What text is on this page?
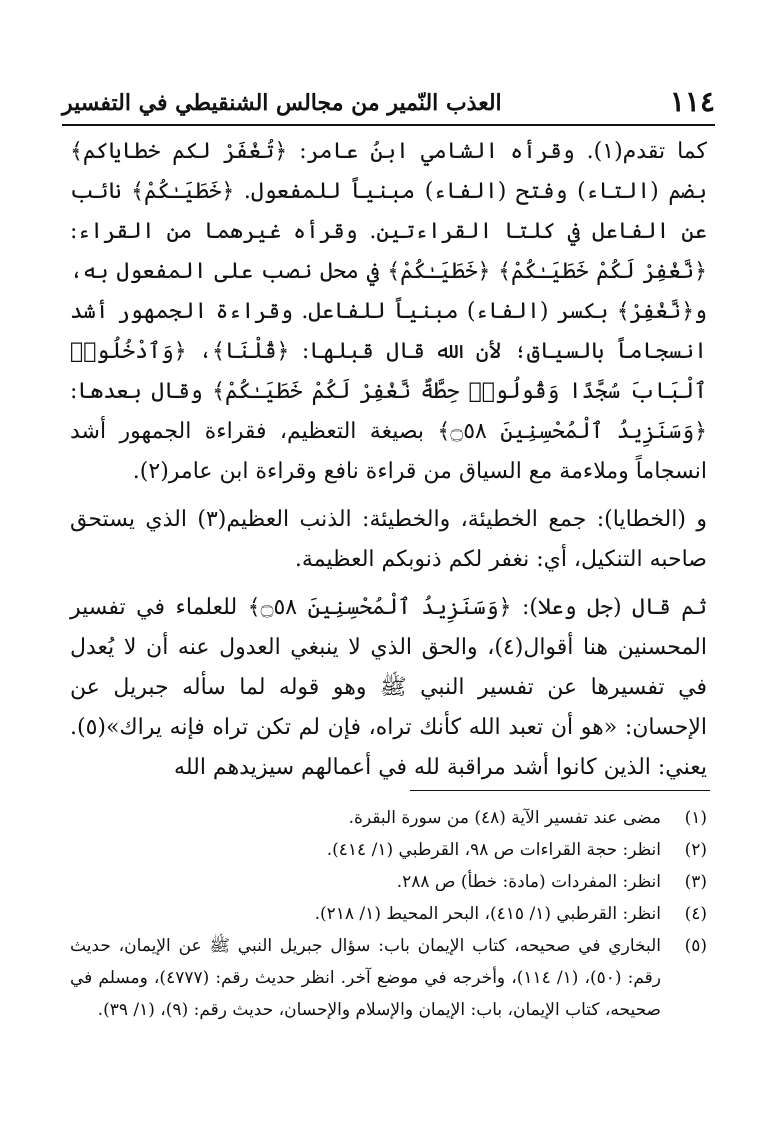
١١٤
العذب النّمير من مجالس الشنقيطي في التفسير

كما تقدم(١). وقرأه الشامي ابنُ عامر: ﴿تُغْفَرْ لكم خطاياكم﴾ بضم (التاء) وفتح (الفاء) مبنياً للمفعول. ﴿خَطَيَـٰكُمْ﴾ نائب عن الفاعل في كلتا القراءتين. وقرأه غيرهما من القراء: ﴿نَّغْفِرْ لَكُمْ خَطَيَـٰكُمْ﴾ ﴿خَطَيَـٰكُمْ﴾ في محل نصب على المفعول به، و﴿نَّغْفِرْ﴾ بكسر (الفاء) مبنياً للفاعل. وقراءة الجمهور أشد انسجاماً بالسياق؛ لأن الله قال قبلها: ﴿قُلْنَا﴾، ﴿وَٱدْخُلُوا۟ ٱلْبَابَ سُجَّدًا وَقُولُوا۟ حِطَّةٌ نَّغْفِرْ لَكُمْ خَطَيَـٰكُمْ﴾ وقال بعدها: ﴿وَسَنَزِيدُ ٱلْمُحْسِنِينَ ۝٥٨﴾ بصيغة التعظيم، فقراءة الجمهور أشد انسجاماً وملاءمة مع السياق من قراءة نافع وقراءة ابن عامر(٢).

و (الخطايا): جمع الخطيئة، والخطيئة: الذنب العظيم(٣) الذي يستحق صاحبه التنكيل، أي: نغفر لكم ذنوبكم العظيمة.

ثم قال (جل وعلا): ﴿وَسَنَزِيدُ ٱلْمُحْسِنِينَ ۝٥٨﴾ للعلماء في تفسير المحسنين هنا أقوال(٤)، والحق الذي لا ينبغي العدول عنه أن لا يُعدل في تفسيرها عن تفسير النبي ﷺ وهو قوله لما سأله جبريل عن الإحسان: «هو أن تعبد الله كأنك تراه، فإن لم تكن تراه فإنه يراك»(٥). يعني: الذين كانوا أشد مراقبة لله في أعمالهم سيزيدهم الله

(١)
مضى عند تفسير الآية (٤٨) من سورة البقرة.
(٢)
انظر: حجة القراءات ص ٩٨، القرطبي (١/ ٤١٤).
(٣)
انظر: المفردات (مادة: خطأ) ص ٢٨٨.
(٤)
انظر: القرطبي (١/ ٤١٥)، البحر المحيط (١/ ٢١٨).
(٥)
البخاري في صحيحه، كتاب الإيمان باب: سؤال جبريل النبي ﷺ عن الإيمان، حديث رقم: (٥٠)، (١/ ١١٤)، وأخرجه في موضع آخر. انظر حديث رقم: (٤٧٧٧)، ومسلم في صحيحه، كتاب الإيمان، باب: الإيمان والإسلام والإحسان، حديث رقم: (٩)، (١/ ٣٩).
